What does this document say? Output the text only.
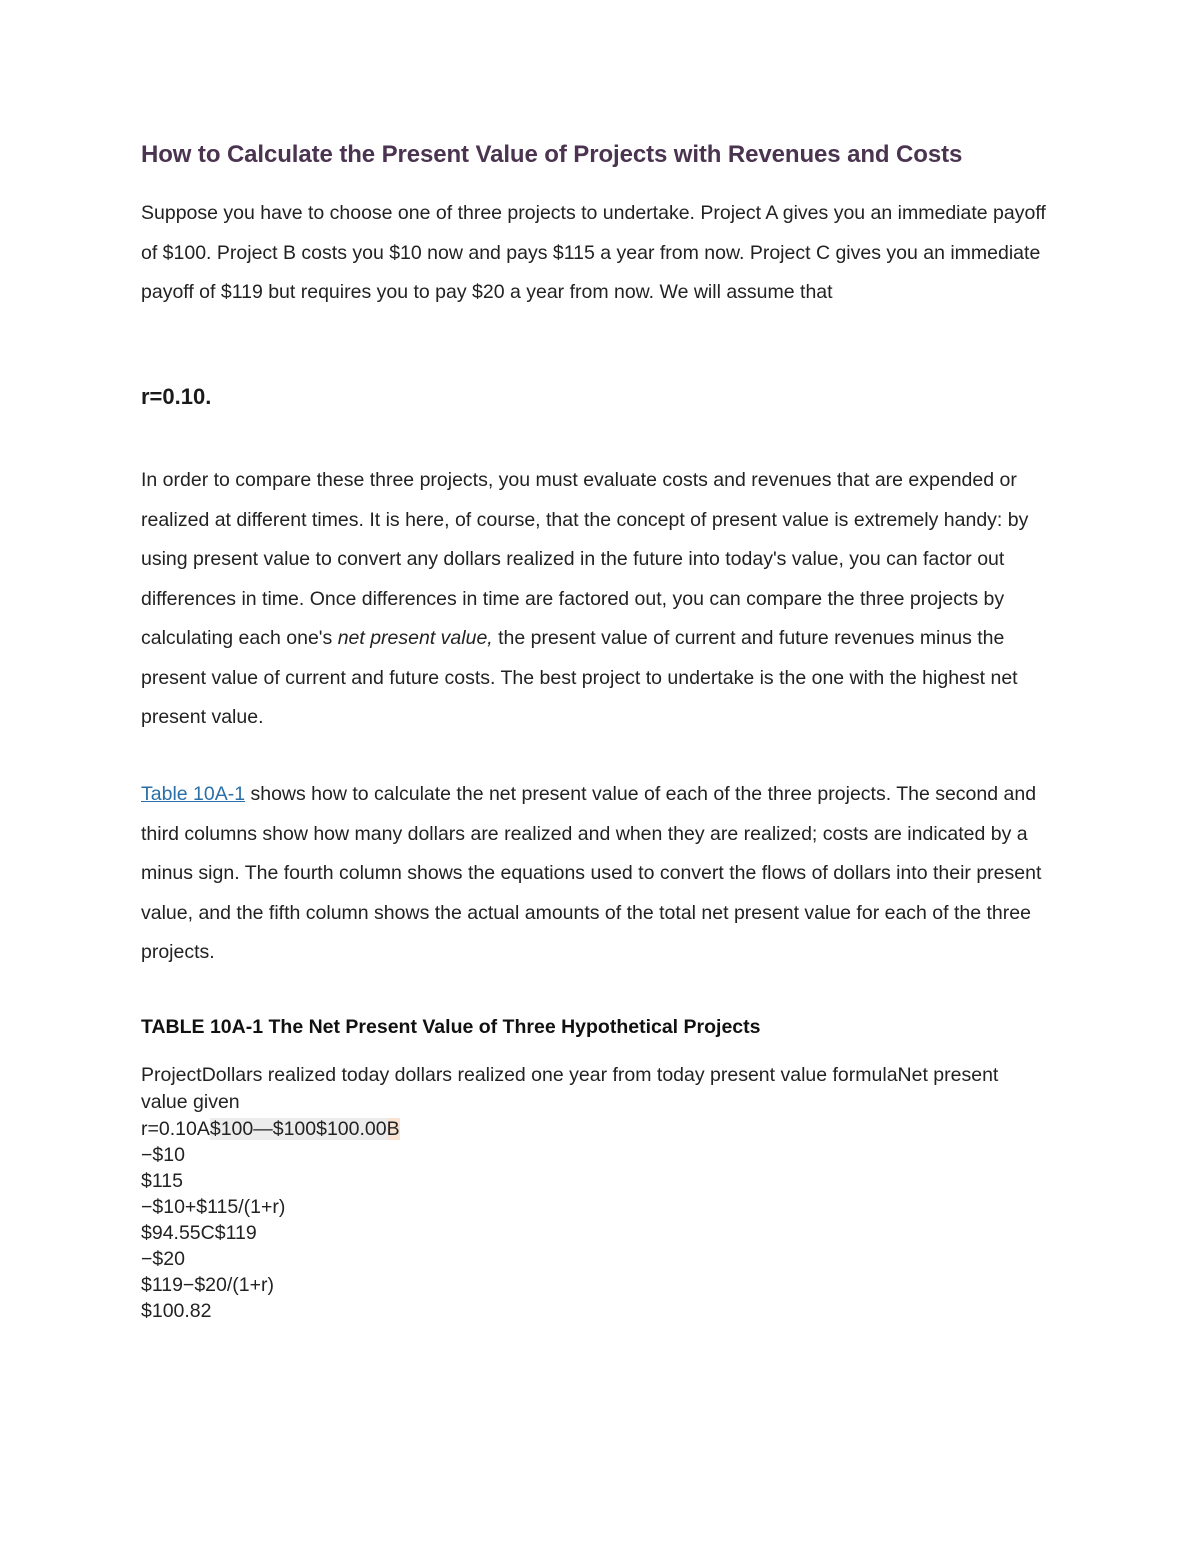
How to Calculate the Present Value of Projects with Revenues and Costs

Suppose you have to choose one of three projects to undertake. Project A gives you an immediate payoff of $100. Project B costs you $10 now and pays $115 a year from now. Project C gives you an immediate payoff of $119 but requires you to pay $20 a year from now. We will assume that

r=0.10.

In order to compare these three projects, you must evaluate costs and revenues that are expended or realized at different times. It is here, of course, that the concept of present value is extremely handy: by using present value to convert any dollars realized in the future into today's value, you can factor out differences in time. Once differences in time are factored out, you can compare the three projects by calculating each one's net present value, the present value of current and future revenues minus the present value of current and future costs. The best project to undertake is the one with the highest net present value.

Table 10A-1 shows how to calculate the net present value of each of the three projects. The second and third columns show how many dollars are realized and when they are realized; costs are indicated by a minus sign. The fourth column shows the equations used to convert the flows of dollars into their present value, and the fifth column shows the actual amounts of the total net present value for each of the three projects.

TABLE 10A-1 The Net Present Value of Three Hypothetical Projects

ProjectDollars realized today dollars realized one year from today present value formulaNet present value given

r=0.10A$100—$100$100.00B

−$10

$115

−$10+$115/(1+r)

$94.55C$119

−$20

$119−$20/(1+r)

$100.82
